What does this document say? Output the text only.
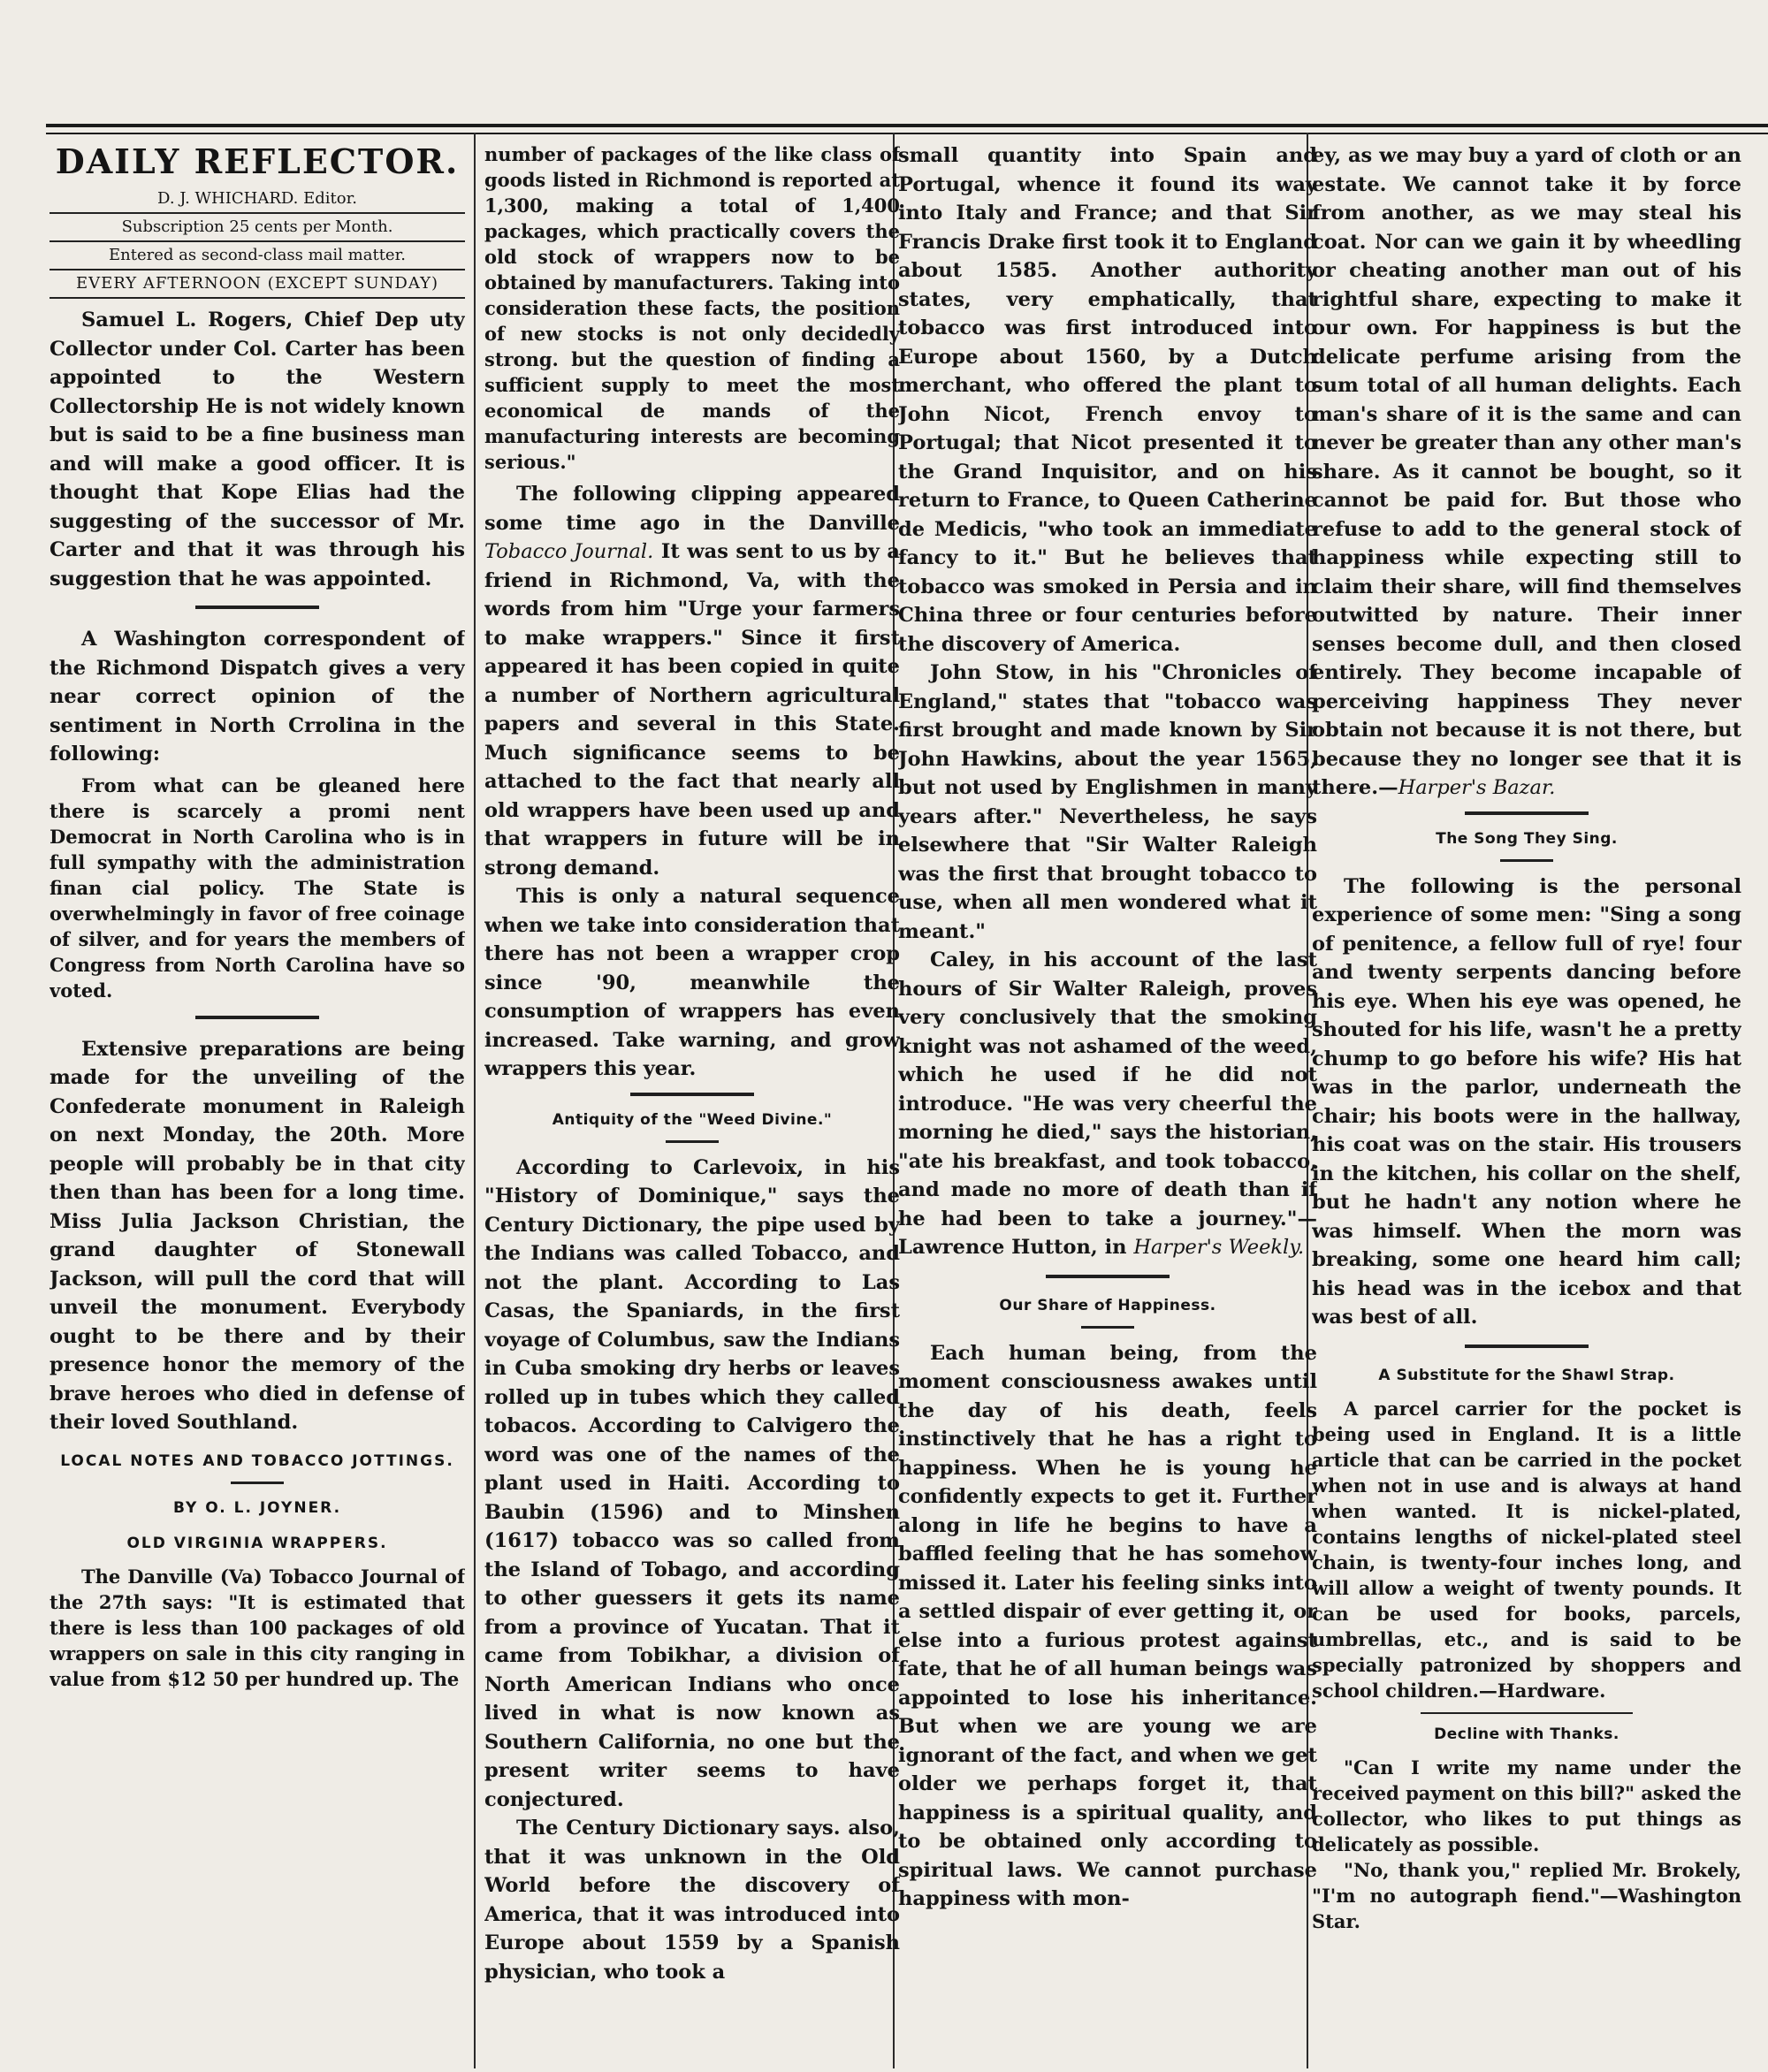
DAILY REFLECTOR.
D. J. WHICHARD. Editor.
Subscription 25 cents per Month.
Entered as second-class mail matter.
EVERY AFTERNOON (EXCEPT SUNDAY)

Samuel L. Rogers, Chief Dep uty Collector under Col. Carter has been appointed to the Western Collectorship He is not widely known but is said to be a fine business man and will make a good officer. It is thought that Kope Elias had the suggesting of the successor of Mr. Carter and that it was through his suggestion that he was appointed.

A Washington correspondent of the Richmond Dispatch gives a very near correct opinion of the sentiment in North Crrolina in the following:

From what can be gleaned here there is scarcely a promi nent Democrat in North Carolina who is in full sympathy with the administration finan cial policy. The State is overwhelmingly in favor of free coinage of silver, and for years the members of Congress from North Carolina have so voted.

Extensive preparations are being made for the unveiling of the Confederate monument in Raleigh on next Monday, the 20th. More people will probably be in that city then than has been for a long time. Miss Julia Jackson Christian, the grand daughter of Stonewall Jackson, will pull the cord that will unveil the monument. Everybody ought to be there and by their presence honor the memory of the brave heroes who died in defense of their loved Southland.

LOCAL NOTES AND TOBACCO JOTTINGS.
BY O. L. JOYNER.
OLD VIRGINIA WRAPPERS.

The Danville (Va) Tobacco Journal of the 27th says: "It is estimated that there is less than 100 packages of old wrappers on sale in this city ranging in value from $12 50 per hundred up. The

number of packages of the like class of goods listed in Richmond is reported at 1,300, making a total of 1,400 packages, which practically covers the old stock of wrappers now to be obtained by manufacturers. Taking into consideration these facts, the position of new stocks is not only decidedly strong. but the question of finding a sufficient supply to meet the most economical de mands of the manufacturing interests are becoming serious."

The following clipping appeared some time ago in the Danville Tobacco Journal. It was sent to us by a friend in Richmond, Va, with the words from him "Urge your farmers to make wrappers." Since it first appeared it has been copied in quite a number of Northern agricultural papers and several in this State. Much significance seems to be attached to the fact that nearly all old wrappers have been used up and that wrappers in future will be in strong demand.

This is only a natural sequence when we take into consideration that there has not been a wrapper crop since '90, meanwhile the consumption of wrappers has even increased. Take warning, and grow wrappers this year.

Antiquity of the "Weed Divine."

According to Carlevoix, in his "History of Dominique," says the Century Dictionary, the pipe used by the Indians was called Tobacco, and not the plant. According to Las Casas, the Spaniards, in the first voyage of Columbus, saw the Indians in Cuba smoking dry herbs or leaves rolled up in tubes which they called tobacos. According to Calvigero the word was one of the names of the plant used in Haiti. According to Baubin (1596) and to Minshen (1617) tobacco was so called from the Island of Tobago, and according to other guessers it gets its name from a province of Yucatan. That it came from Tobikhar, a division of North American Indians who once lived in what is now known as Southern California, no one but the present writer seems to have conjectured.

The Century Dictionary says. also, that it was unknown in the Old World before the discovery of America, that it was introduced into Europe about 1559 by a Spanish physician, who took a

small quantity into Spain and Portugal, whence it found its way into Italy and France; and that Sir Francis Drake first took it to England about 1585. Another authority states, very emphatically, that tobacco was first introduced into Europe about 1560, by a Dutch merchant, who offered the plant to John Nicot, French envoy to Portugal; that Nicot presented it to the Grand Inquisitor, and on his return to France, to Queen Catherine de Medicis, "who took an immediate fancy to it." But he believes that tobacco was smoked in Persia and in China three or four centuries before the discovery of America.

John Stow, in his "Chronicles of England," states that "tobacco was first brought and made known by Sir John Hawkins, about the year 1565, but not used by Englishmen in many years after." Nevertheless, he says elsewhere that "Sir Walter Raleigh was the first that brought tobacco to use, when all men wondered what it meant."

Caley, in his account of the last hours of Sir Walter Raleigh, proves very conclusively that the smoking knight was not ashamed of the weed, which he used if he did not introduce. "He was very cheerful the morning he died," says the historian, "ate his breakfast, and took tobacco, and made no more of death than if he had been to take a journey."—Lawrence Hutton, in Harper's Weekly.

Our Share of Happiness.

Each human being, from the moment consciousness awakes until the day of his death, feels instinctively that he has a right to happiness. When he is young he confidently expects to get it. Further along in life he begins to have a baffled feeling that he has somehow missed it. Later his feeling sinks into a settled dispair of ever getting it, or else into a furious protest against fate, that he of all human beings was appointed to lose his inheritance. But when we are young we are ignorant of the fact, and when we get older we perhaps forget it, that happiness is a spiritual quality, and to be obtained only according to spiritual laws. We cannot purchase happiness with mon-

ey, as we may buy a yard of cloth or an estate. We cannot take it by force from another, as we may steal his coat. Nor can we gain it by wheedling or cheating another man out of his rightful share, expecting to make it our own. For happiness is but the delicate perfume arising from the sum total of all human delights. Each man's share of it is the same and can never be greater than any other man's share. As it cannot be bought, so it cannot be paid for. But those who refuse to add to the general stock of happiness while expecting still to claim their share, will find themselves outwitted by nature. Their inner senses become dull, and then closed entirely. They become incapable of perceiving happiness They never obtain not because it is not there, but because they no longer see that it is there.—Harper's Bazar.

The Song They Sing.

The following is the personal experience of some men: "Sing a song of penitence, a fellow full of rye! four and twenty serpents dancing before his eye. When his eye was opened, he shouted for his life, wasn't he a pretty chump to go before his wife? His hat was in the parlor, underneath the chair; his boots were in the hallway, his coat was on the stair. His trousers in the kitchen, his collar on the shelf, but he hadn't any notion where he was himself. When the morn was breaking, some one heard him call; his head was in the icebox and that was best of all.

A Substitute for the Shawl Strap.

A parcel carrier for the pocket is being used in England. It is a little article that can be carried in the pocket when not in use and is always at hand when wanted. It is nickel-plated, contains lengths of nickel-plated steel chain, is twenty-four inches long, and will allow a weight of twenty pounds. It can be used for books, parcels, umbrellas, etc., and is said to be specially patronized by shoppers and school children.—Hardware.

Decline with Thanks.

"Can I write my name under the received payment on this bill?" asked the collector, who likes to put things as delicately as possible.

"No, thank you," replied Mr. Brokely, "I'm no autograph fiend."—Washington Star.
